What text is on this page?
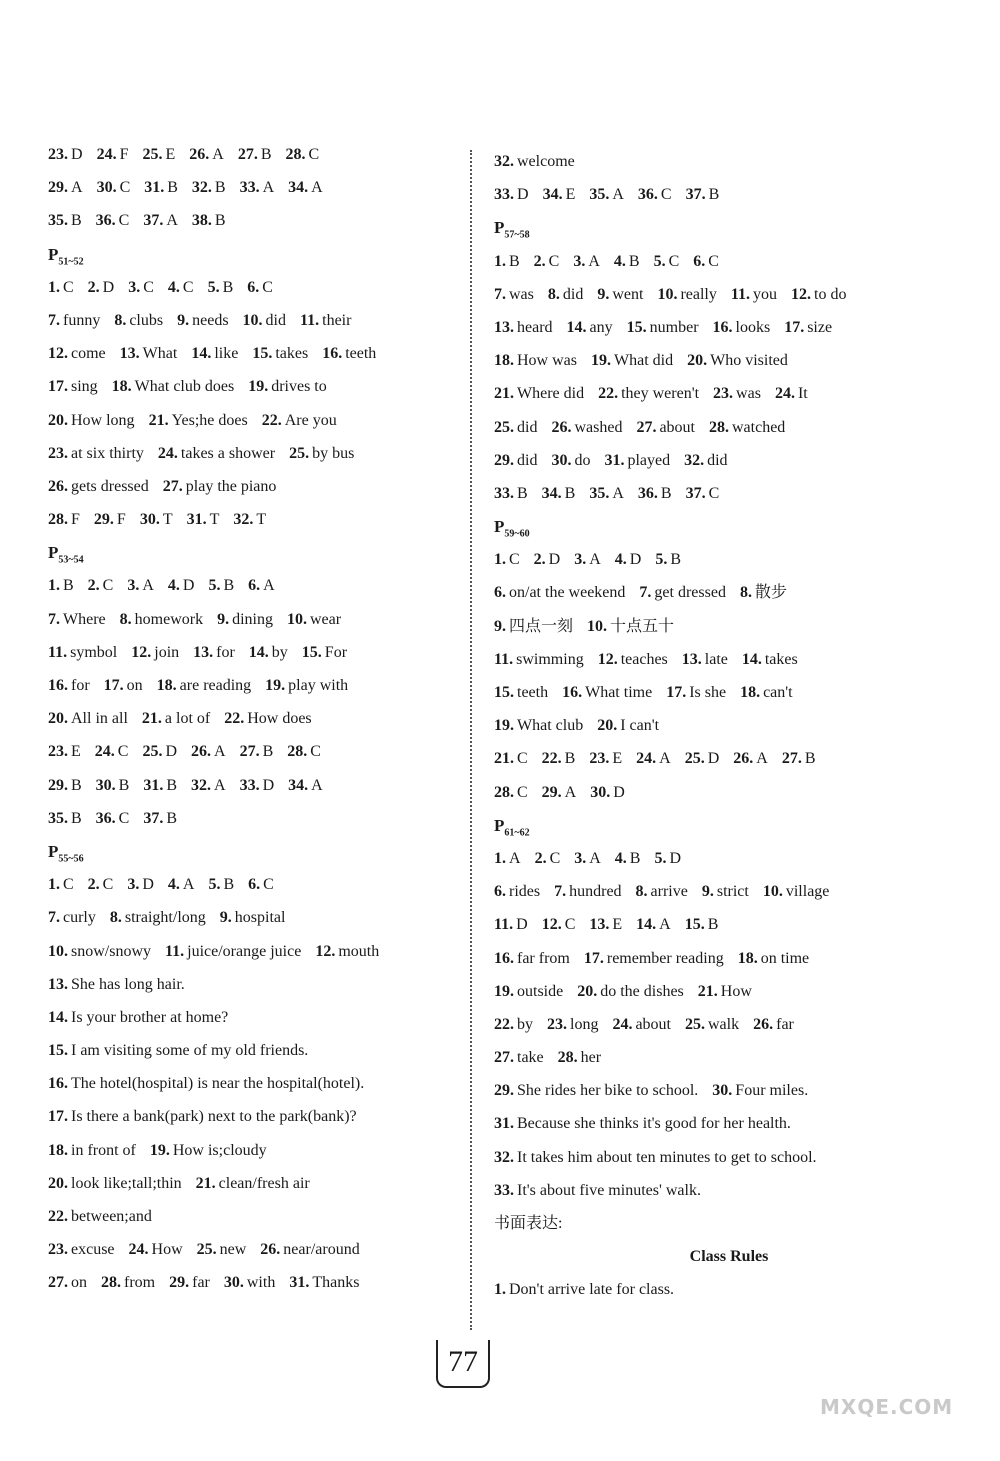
23. D 24. F 25. E 26. A 27. B 28. C
29. A 30. C 31. B 32. B 33. A 34. A
35. B 36. C 37. A 38. B
$P_{51\sim 52}$
1. C 2. D 3. C 4. C 5. B 6. C
7. funny 8. clubs 9. needs 10. did 11. their
12. come 13. What 14. like 15. takes 16. teeth
17. sing 18. What club does 19. drives to
20. How long 21. Yes;he does 22. Are you
23. at six thirty 24. takes a shower 25. by bus
26. gets dressed 27. play the piano
28. F 29. F 30. T 31. T 32. T
$P_{53\sim 54}$
1. B 2. C 3. A 4. D 5. B 6. A
7. Where 8. homework 9. dining 10. wear
11. symbol 12. join 13. for 14. by 15. For
16. for 17. on 18. are reading 19. play with
20. All in all 21. a lot of 22. How does
23. E 24. C 25. D 26. A 27. B 28. C
29. B 30. B 31. B 32. A 33. D 34. A
35. B 36. C 37. B
$P_{55\sim 56}$
1. C 2. C 3. D 4. A 5. B 6. C
7. curly 8. straight/long 9. hospital
10. snow/snowy 11. juice/orange juice 12. mouth
13. She has long hair.
14. Is your brother at home?
15. I am visiting some of my old friends.
16. The hotel(hospital) is near the hospital(hotel).
17. Is there a bank(park) next to the park(bank)?
18. in front of 19. How is;cloudy
20. look like;tall;thin 21. clean/fresh air
22. between;and
23. excuse 24. How 25. new 26. near/around
27. on 28. from 29. far 30. with 31. Thanks
32. welcome
33. D 34. E 35. A 36. C 37. B
$P_{57\sim 58}$
1. B 2. C 3. A 4. B 5. C 6. C
7. was 8. did 9. went 10. really 11. you 12. to do
13. heard 14. any 15. number 16. looks 17. size
18. How was 19. What did 20. Who visited
21. Where did 22. they weren't 23. was 24. It
25. did 26. washed 27. about 28. watched
29. did 30. do 31. played 32. did
33. B 34. B 35. A 36. B 37. C
$P_{59\sim 60}$
1. C 2. D 3. A 4. D 5. B
6. on/at the weekend 7. get dressed 8. 散步
9. 四点一刻 10. 十点五十
11. swimming 12. teaches 13. late 14. takes
15. teeth 16. What time 17. Is she 18. can't
19. What club 20. I can't
21. C 22. B 23. E 24. A 25. D 26. A 27. B
28. C 29. A 30. D
$P_{61\sim 62}$
1. A 2. C 3. A 4. B 5. D
6. rides 7. hundred 8. arrive 9. strict 10. village
11. D 12. C 13. E 14. A 15. B
16. far from 17. remember reading 18. on time
19. outside 20. do the dishes 21. How
22. by 23. long 24. about 25. walk 26. far
27. take 28. her
29. She rides her bike to school. 30. Four miles.
31. Because she thinks it's good for her health.
32. It takes him about ten minutes to get to school.
33. It's about five minutes' walk.
书面表达:
Class Rules
1. Don't arrive late for class.
77
MXQE.COM
